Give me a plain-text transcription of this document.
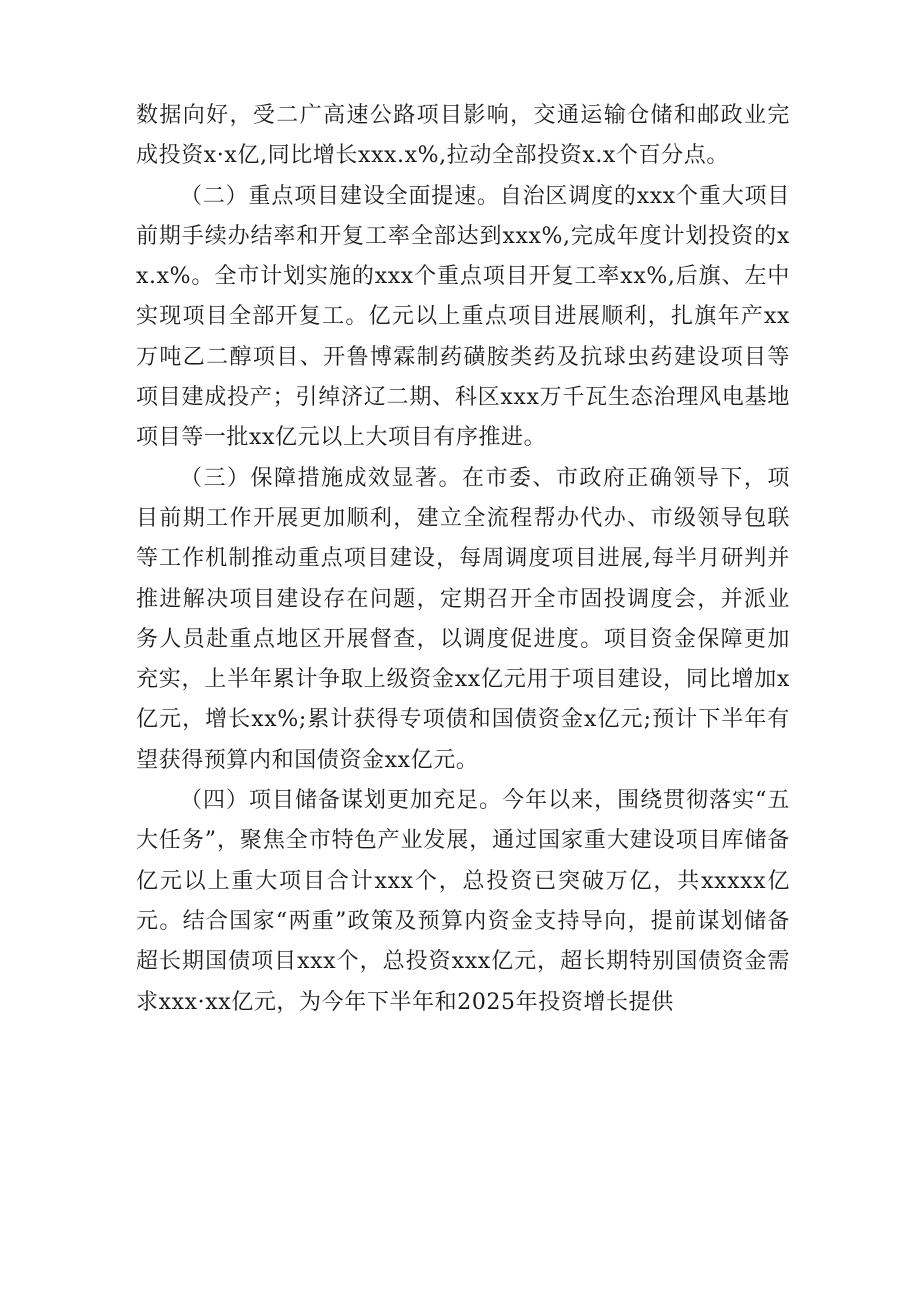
数据向好，受二广高速公路项目影响，交通运输仓储和邮政业完成投资x·x亿,同比增长xxx.x%,拉动全部投资x.x个百分点。

（二）重点项目建设全面提速。自治区调度的xxx个重大项目前期手续办结率和开复工率全部达到xxx%,完成年度计划投资的xx.x%。全市计划实施的xxx个重点项目开复工率xx%,后旗、左中实现项目全部开复工。亿元以上重点项目进展顺利，扎旗年产xx万吨乙二醇项目、开鲁博霖制药磺胺类药及抗球虫药建设项目等项目建成投产；引绰济辽二期、科区xxx万千瓦生态治理风电基地项目等一批xx亿元以上大项目有序推进。

（三）保障措施成效显著。在市委、市政府正确领导下，项目前期工作开展更加顺利，建立全流程帮办代办、市级领导包联等工作机制推动重点项目建设，每周调度项目进展,每半月研判并推进解决项目建设存在问题，定期召开全市固投调度会，并派业务人员赴重点地区开展督查，以调度促进度。项目资金保障更加充实，上半年累计争取上级资金xx亿元用于项目建设，同比增加x亿元，增长xx%;累计获得专项债和国债资金x亿元;预计下半年有望获得预算内和国债资金xx亿元。

（四）项目储备谋划更加充足。今年以来，围绕贯彻落实“五大任务”，聚焦全市特色产业发展，通过国家重大建设项目库储备亿元以上重大项目合计xxx个，总投资已突破万亿，共xxxxx亿元。结合国家“两重”政策及预算内资金支持导向，提前谋划储备超长期国债项目xxx个，总投资xxx亿元，超长期特别国债资金需求xxx·xx亿元，为今年下半年和2025年投资增长提供
